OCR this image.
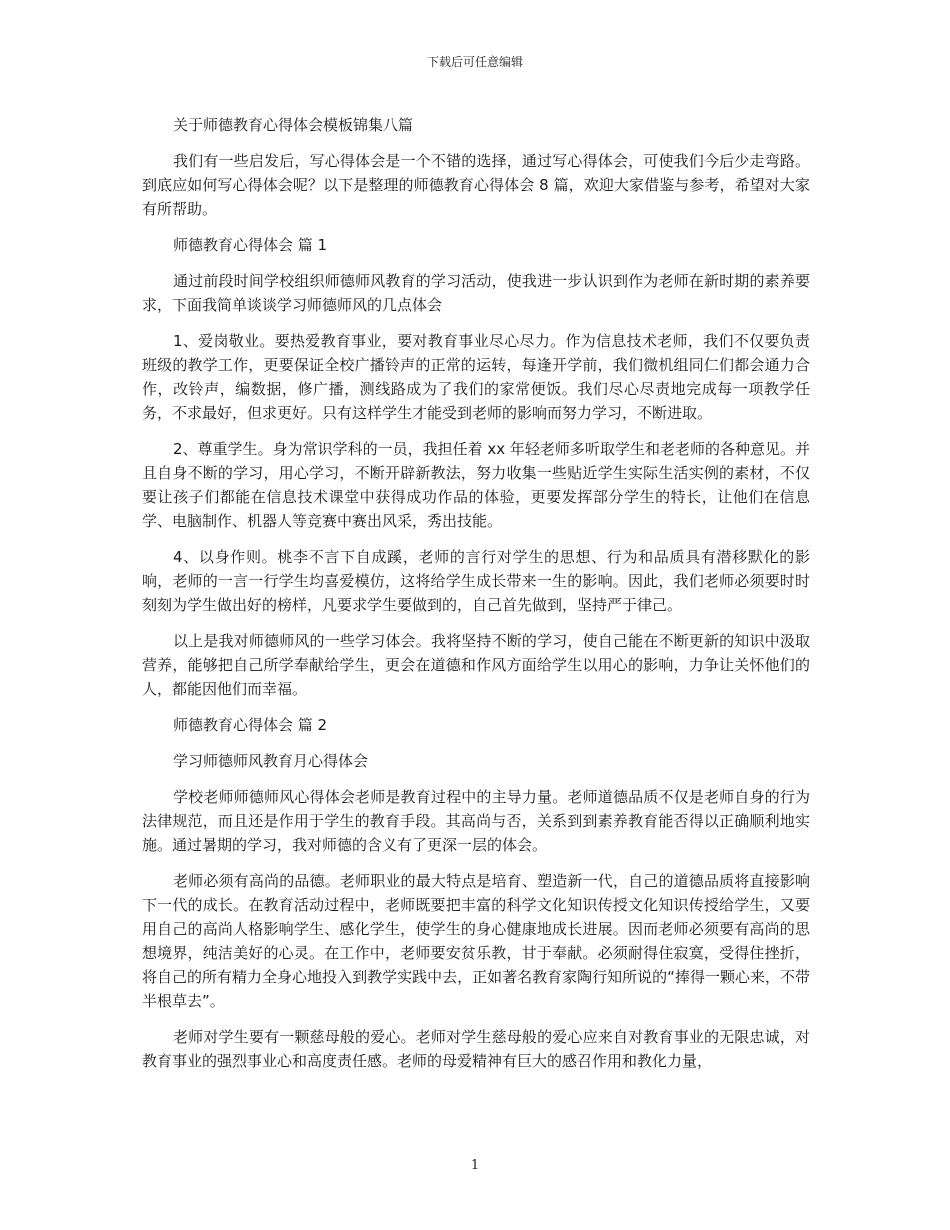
下载后可任意编辑

关于师德教育心得体会模板锦集八篇

我们有一些启发后，写心得体会是一个不错的选择，通过写心得体会，可使我们今后少走弯路。到底应如何写心得体会呢？以下是整理的师德教育心得体会 8 篇，欢迎大家借鉴与参考，希望对大家有所帮助。

师德教育心得体会 篇 1

通过前段时间学校组织师德师风教育的学习活动，使我进一步认识到作为老师在新时期的素养要求，下面我简单谈谈学习师德师风的几点体会

1、爱岗敬业。要热爱教育事业，要对教育事业尽心尽力。作为信息技术老师，我们不仅要负责班级的教学工作，更要保证全校广播铃声的正常的运转，每逢开学前，我们微机组同仁们都会通力合作，改铃声，编数据，修广播，测线路成为了我们的家常便饭。我们尽心尽责地完成每一项教学任务，不求最好，但求更好。只有这样学生才能受到老师的影响而努力学习，不断进取。

2、尊重学生。身为常识学科的一员，我担任着 xx 年轻老师多听取学生和老老师的各种意见。并且自身不断的学习，用心学习，不断开辟新教法，努力收集一些贴近学生实际生活实例的素材，不仅要让孩子们都能在信息技术课堂中获得成功作品的体验，更要发挥部分学生的特长，让他们在信息学、电脑制作、机器人等竞赛中赛出风采，秀出技能。

4、以身作则。桃李不言下自成蹊，老师的言行对学生的思想、行为和品质具有潜移默化的影响，老师的一言一行学生均喜爱模仿，这将给学生成长带来一生的影响。因此，我们老师必须要时时刻刻为学生做出好的榜样，凡要求学生要做到的，自己首先做到，坚持严于律己。

以上是我对师德师风的一些学习体会。我将坚持不断的学习，使自己能在不断更新的知识中汲取营养，能够把自己所学奉献给学生，更会在道德和作风方面给学生以用心的影响，力争让关怀他们的人，都能因他们而幸福。

师德教育心得体会 篇 2

学习师德师风教育月心得体会

学校老师师德师风心得体会老师是教育过程中的主导力量。老师道德品质不仅是老师自身的行为法律规范，而且还是作用于学生的教育手段。其高尚与否，关系到到素养教育能否得以正确顺利地实施。通过暑期的学习，我对师德的含义有了更深一层的体会。

老师必须有高尚的品德。老师职业的最大特点是培育、塑造新一代，自己的道德品质将直接影响下一代的成长。在教育活动过程中，老师既要把丰富的科学文化知识传授文化知识传授给学生，又要用自己的高尚人格影响学生、感化学生，使学生的身心健康地成长进展。因而老师必须要有高尚的思想境界，纯洁美好的心灵。在工作中，老师要安贫乐教，甘于奉献。必须耐得住寂寞，受得住挫折，将自己的所有精力全身心地投入到教学实践中去，正如著名教育家陶行知所说的“捧得一颗心来，不带半根草去”。

老师对学生要有一颗慈母般的爱心。老师对学生慈母般的爱心应来自对教育事业的无限忠诚，对教育事业的强烈事业心和高度责任感。老师的母爱精神有巨大的感召作用和教化力量，

1
